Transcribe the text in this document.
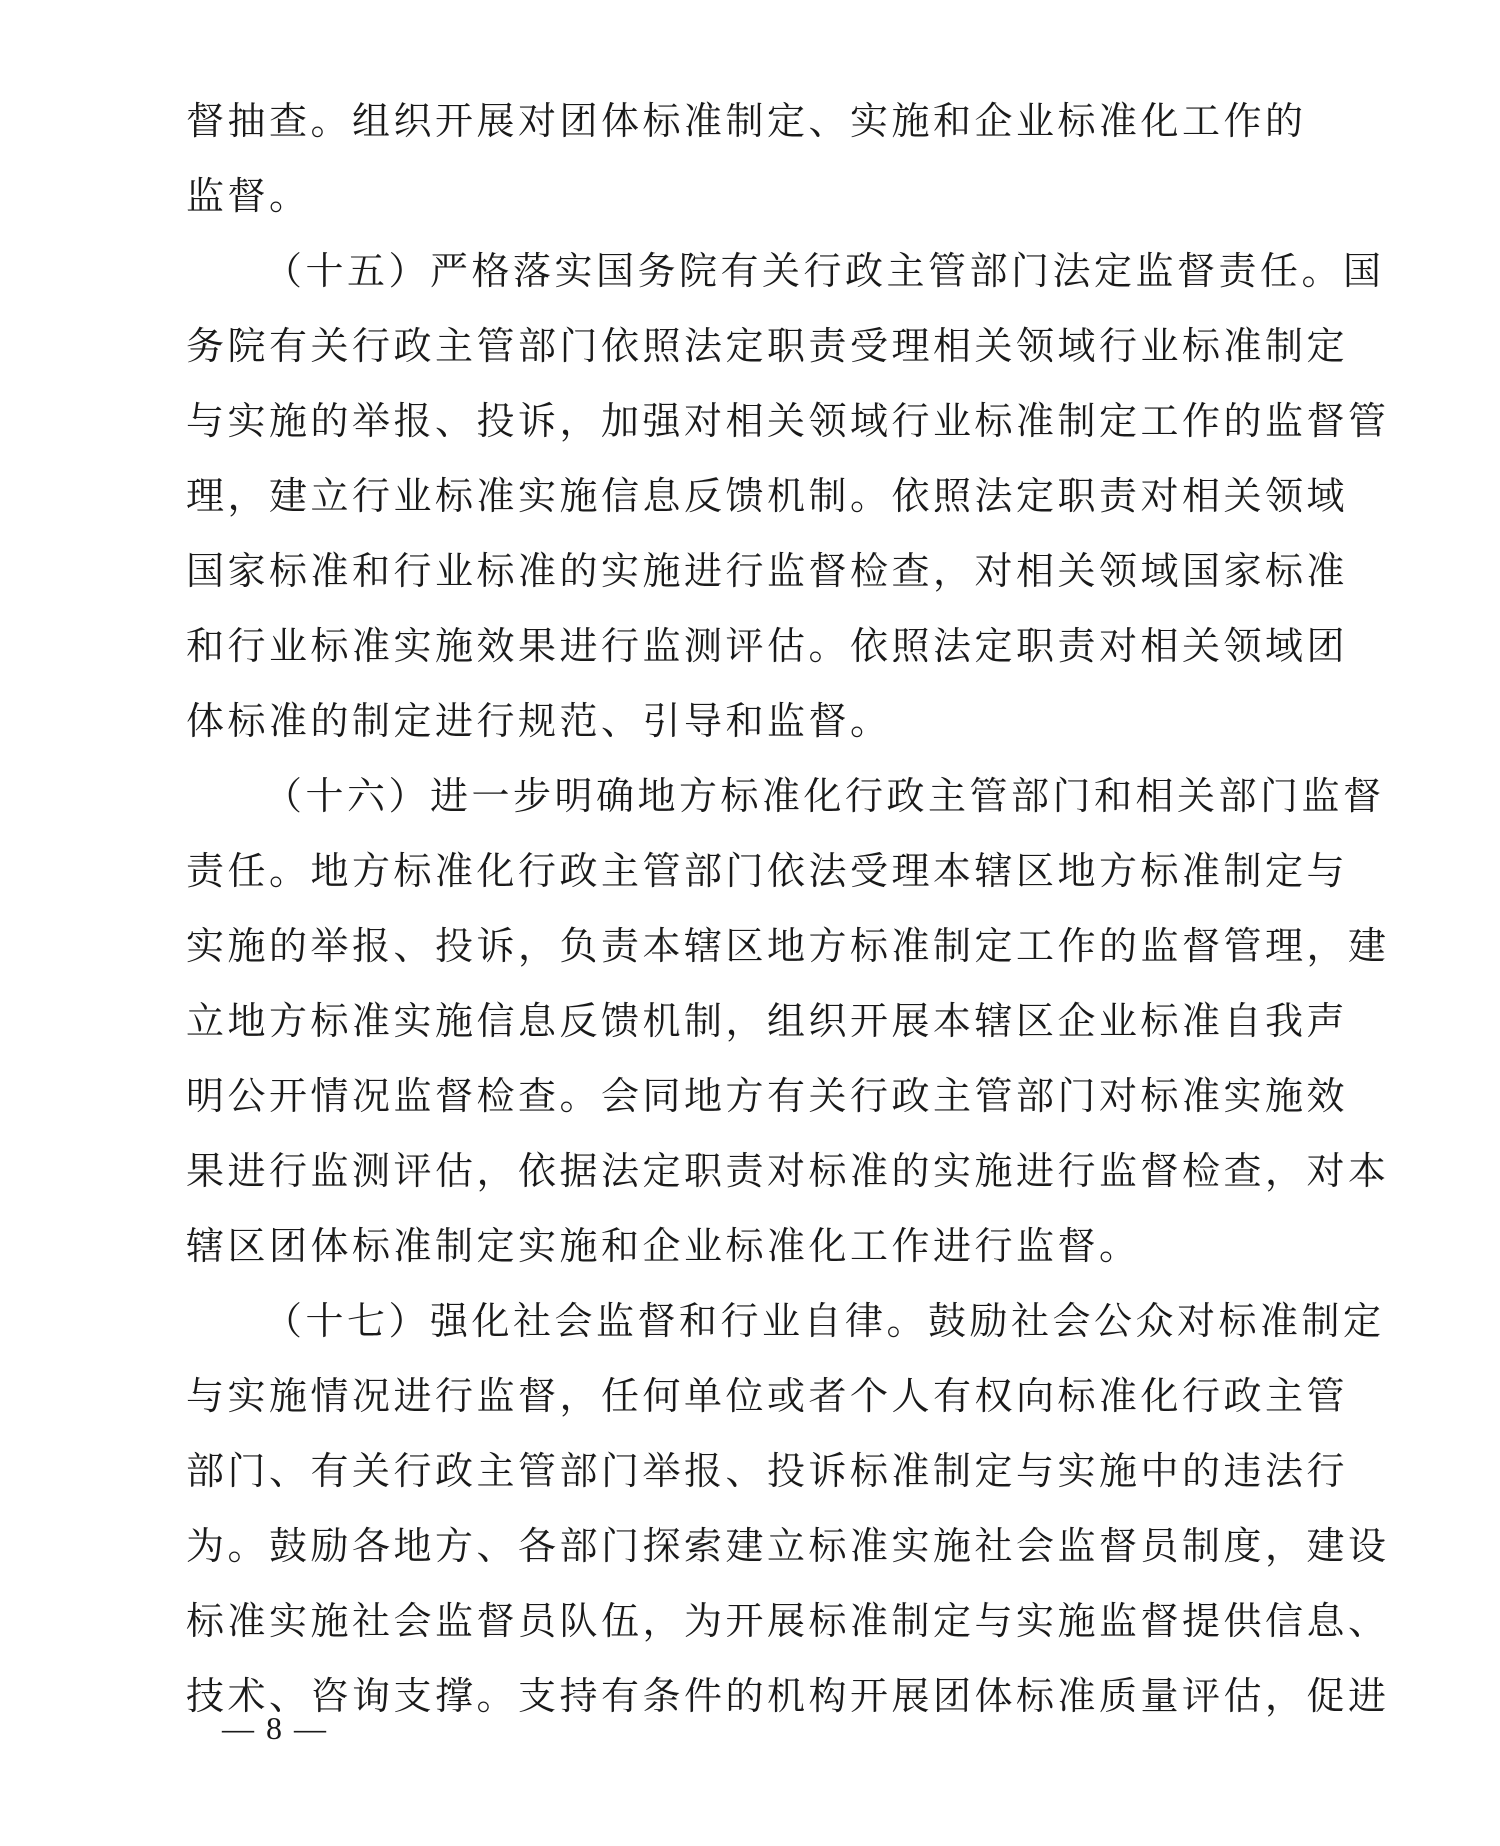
督抽查。组织开展对团体标准制定、实施和企业标准化工作的
监督。
（十五）严格落实国务院有关行政主管部门法定监督责任。国
务院有关行政主管部门依照法定职责受理相关领域行业标准制定
与实施的举报、投诉，加强对相关领域行业标准制定工作的监督管
理，建立行业标准实施信息反馈机制。依照法定职责对相关领域
国家标准和行业标准的实施进行监督检查，对相关领域国家标准
和行业标准实施效果进行监测评估。依照法定职责对相关领域团
体标准的制定进行规范、引导和监督。
（十六）进一步明确地方标准化行政主管部门和相关部门监督
责任。地方标准化行政主管部门依法受理本辖区地方标准制定与
实施的举报、投诉，负责本辖区地方标准制定工作的监督管理，建
立地方标准实施信息反馈机制，组织开展本辖区企业标准自我声
明公开情况监督检查。会同地方有关行政主管部门对标准实施效
果进行监测评估，依据法定职责对标准的实施进行监督检查，对本
辖区团体标准制定实施和企业标准化工作进行监督。
（十七）强化社会监督和行业自律。鼓励社会公众对标准制定
与实施情况进行监督，任何单位或者个人有权向标准化行政主管
部门、有关行政主管部门举报、投诉标准制定与实施中的违法行
为。鼓励各地方、各部门探索建立标准实施社会监督员制度，建设
标准实施社会监督员队伍，为开展标准制定与实施监督提供信息、
技术、咨询支撑。支持有条件的机构开展团体标准质量评估，促进
— 8 —
